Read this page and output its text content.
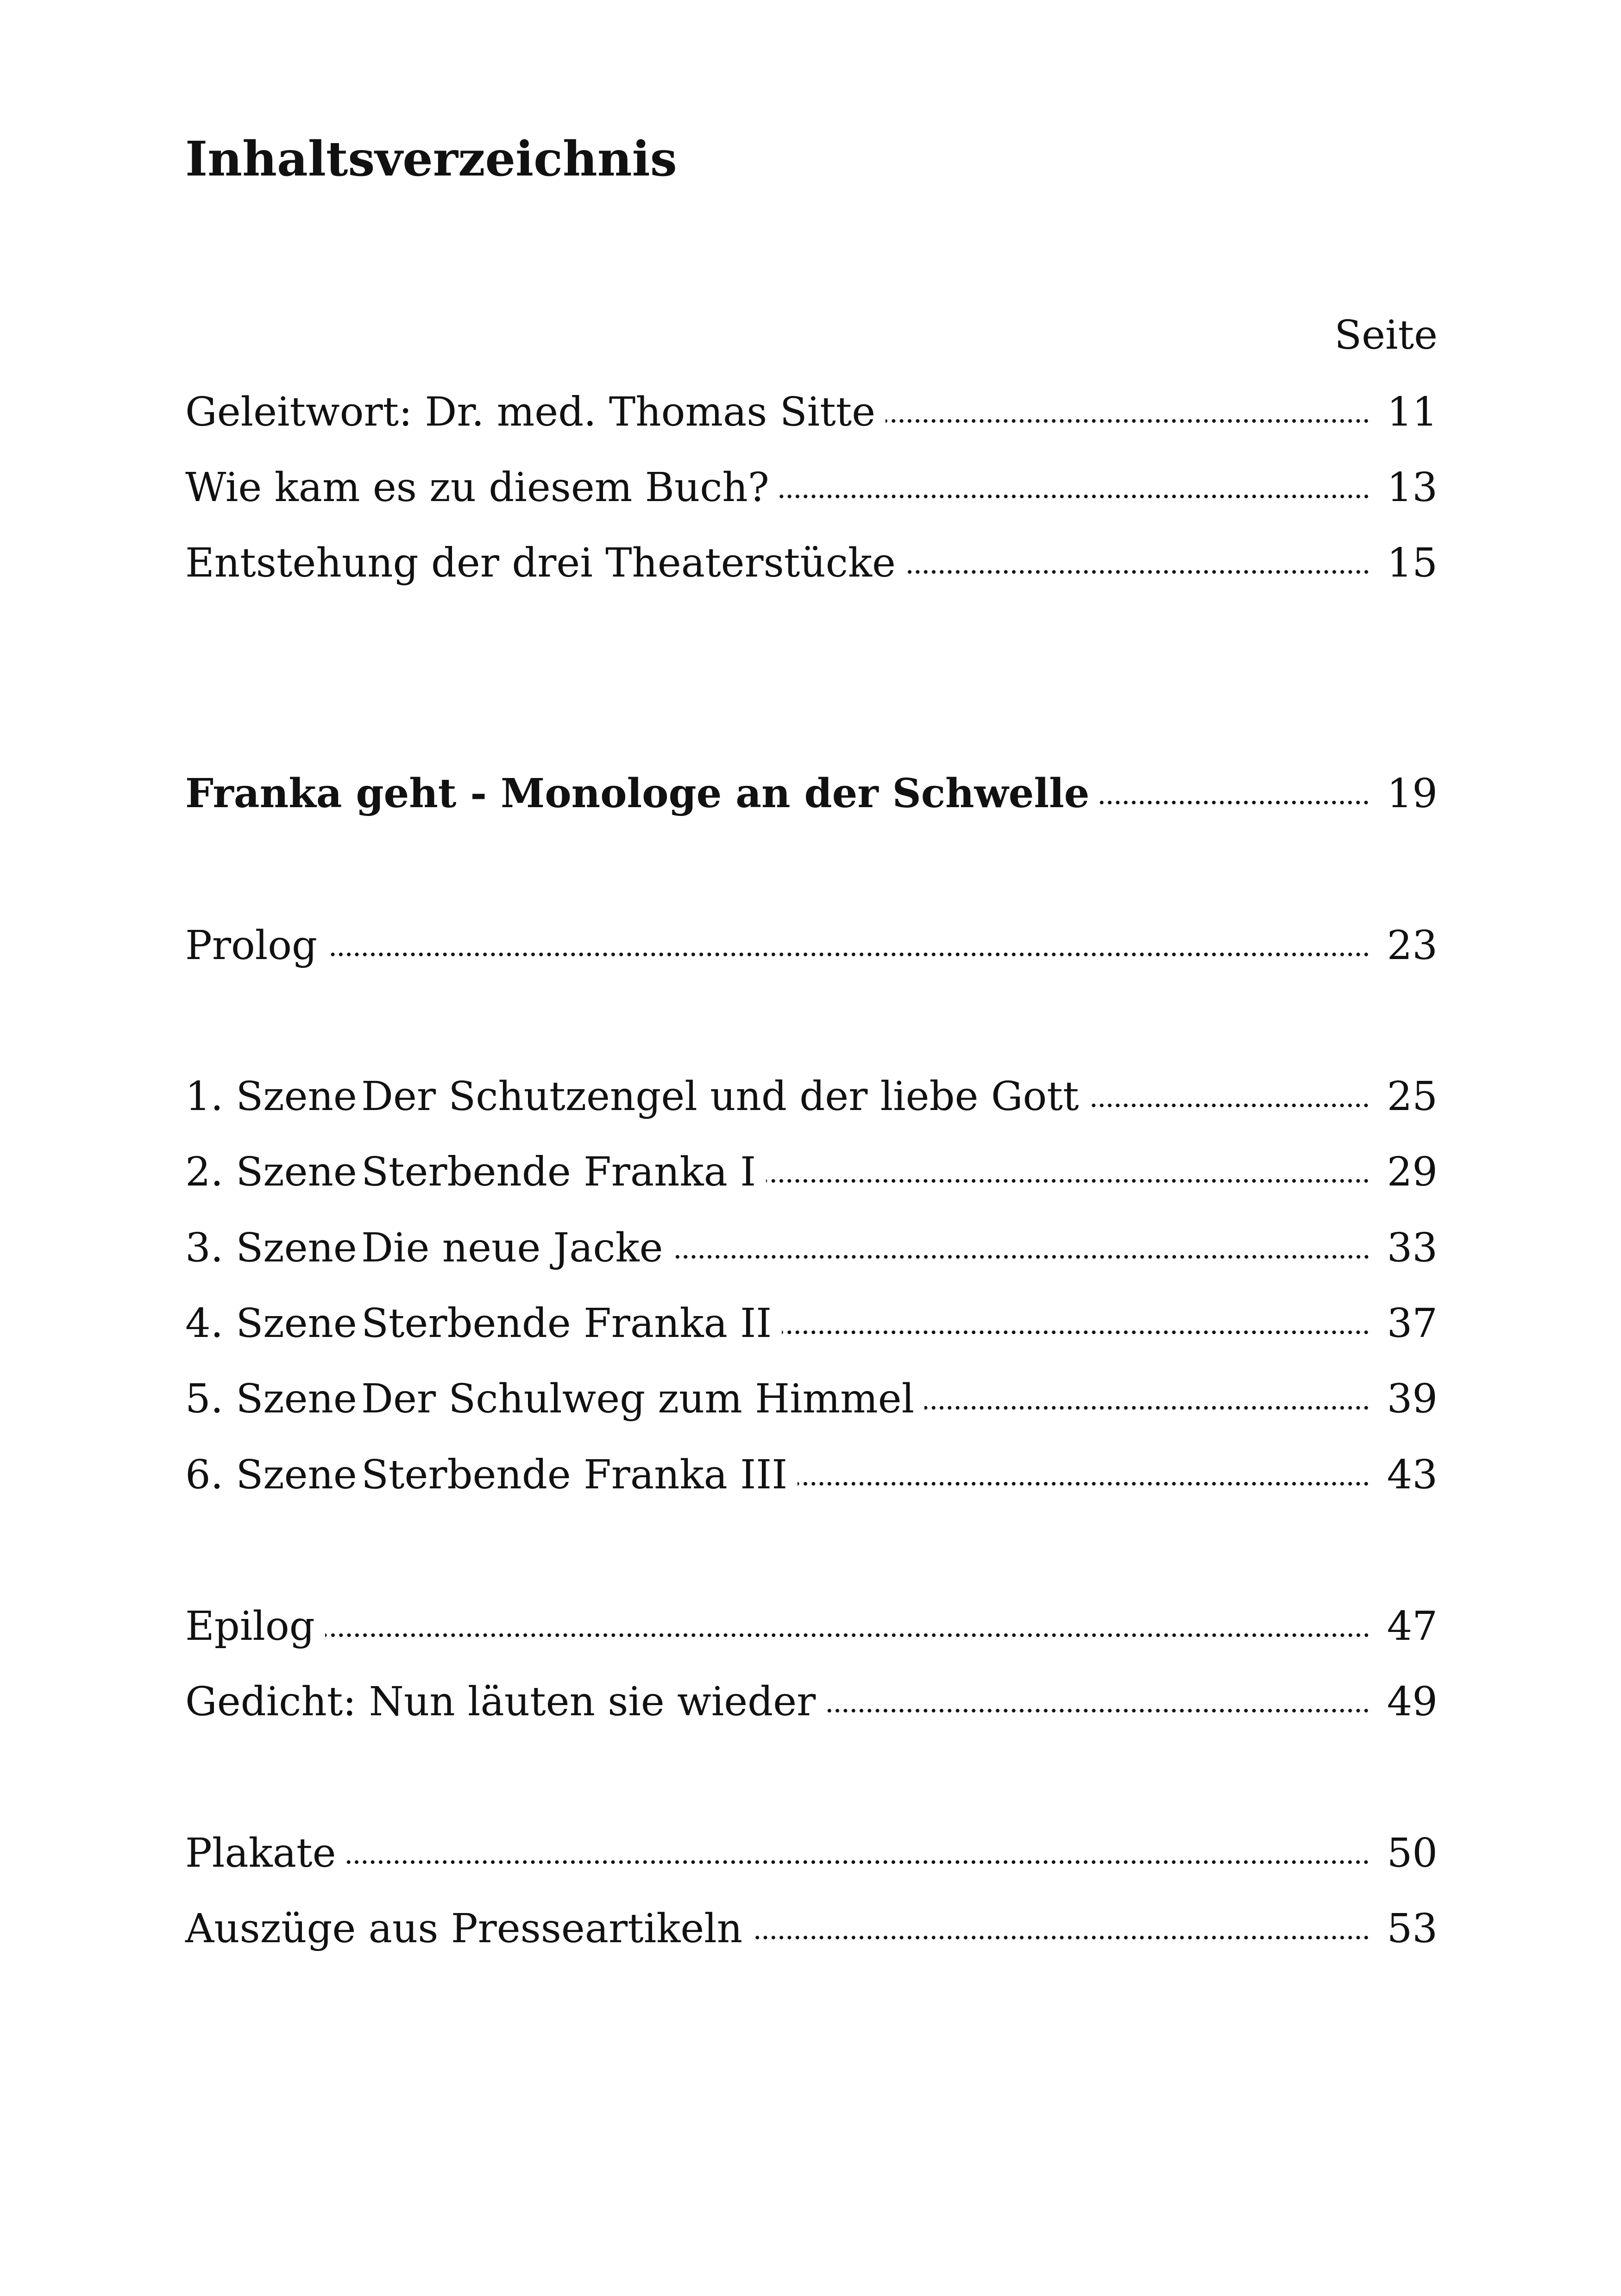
Inhaltsverzeichnis
Seite
Geleitwort: Dr. med. Thomas Sitte	11
Wie kam es zu diesem Buch?	13
Entstehung der drei Theaterstücke	15
Franka geht - Monologe an der Schwelle	19
Prolog	23
1. Szene Der Schutzengel und der liebe Gott	25
2. Szene Sterbende Franka I	29
3. Szene Die neue Jacke	33
4. Szene Sterbende Franka II	37
5. Szene Der Schulweg zum Himmel	39
6. Szene Sterbende Franka III	43
Epilog	47
Gedicht: Nun läuten sie wieder	49
Plakate	50
Auszüge aus Presseartikeln	53
